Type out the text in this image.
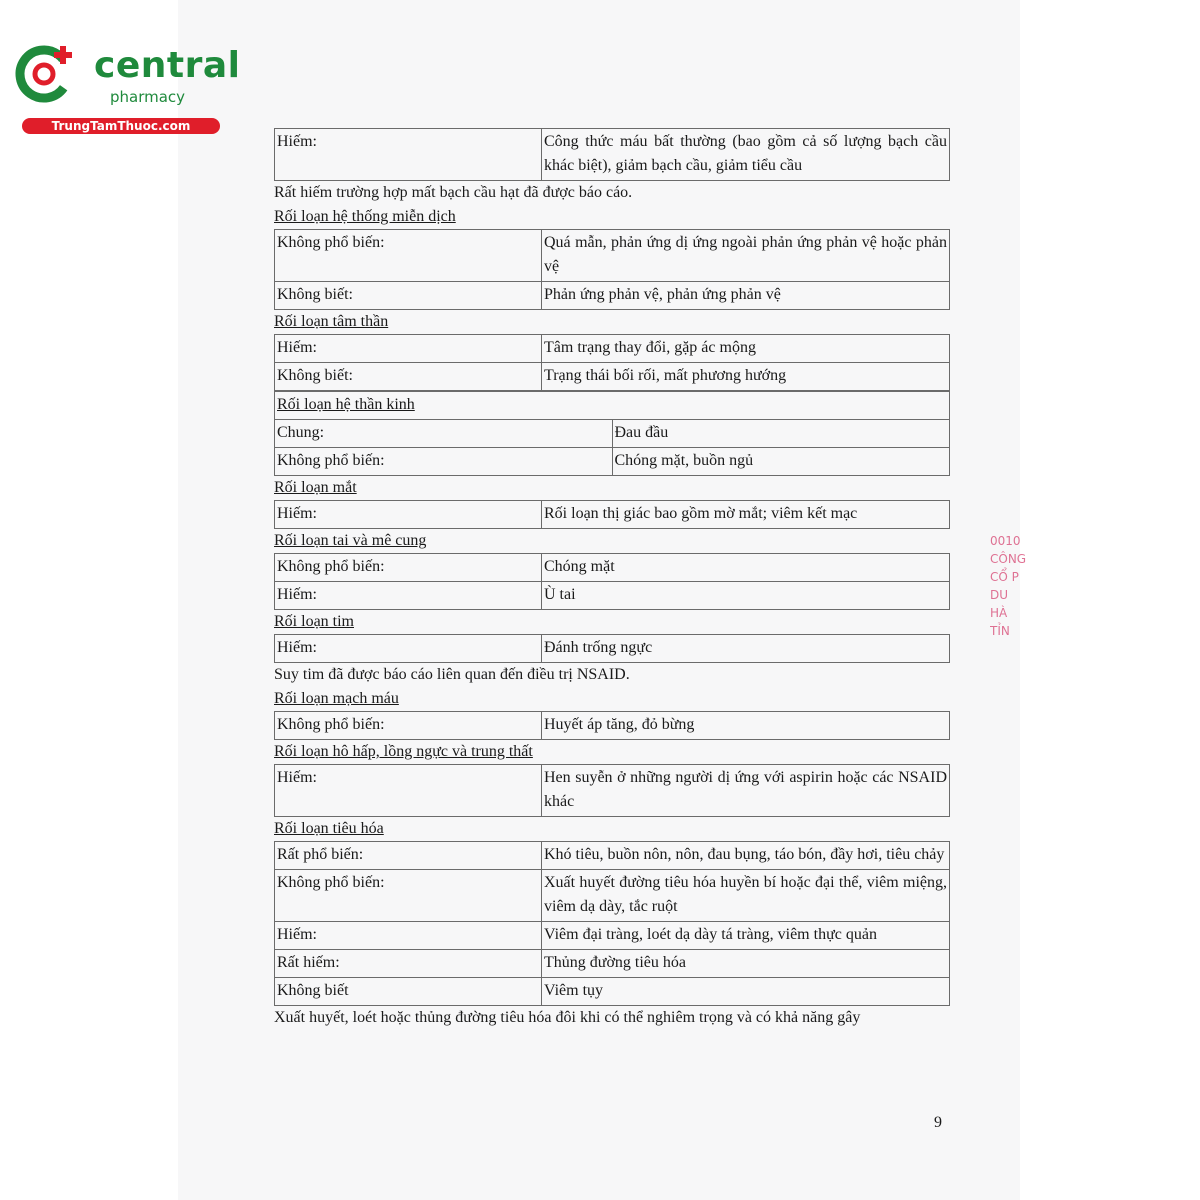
central
pharmacy
TrungTamThuoc.com
Hiếm:	Công thức máu bất thường (bao gồm cả số lượng bạch cầu khác biệt), giảm bạch cầu, giảm tiểu cầu
Rất hiếm trường hợp mất bạch cầu hạt đã được báo cáo.
Rối loạn hệ thống miễn dịch
Không phổ biến:	Quá mẫn, phản ứng dị ứng ngoài phản ứng phản vệ hoặc phản vệ
Không biết:	Phản ứng phản vệ, phản ứng phản vệ
Rối loạn tâm thần
Hiếm:	Tâm trạng thay đổi, gặp ác mộng
Không biết:	Trạng thái bối rối, mất phương hướng
Rối loạn hệ thần kinh	
Chung:	Đau đầu
Không phổ biến:	Chóng mặt, buồn ngủ
Rối loạn mắt
Hiếm:	Rối loạn thị giác bao gồm mờ mắt; viêm kết mạc
Rối loạn tai và mê cung
Không phổ biến:	Chóng mặt
Hiếm:	Ù tai
Rối loạn tim
Hiếm:	Đánh trống ngực
Suy tim đã được báo cáo liên quan đến điều trị NSAID.
Rối loạn mạch máu
Không phổ biến:	Huyết áp tăng, đỏ bừng
Rối loạn hô hấp, lồng ngực và trung thất
Hiếm:	Hen suyễn ở những người dị ứng với aspirin hoặc các NSAID khác
Rối loạn tiêu hóa
Rất phổ biến:	Khó tiêu, buồn nôn, nôn, đau bụng, táo bón, đầy hơi, tiêu chảy
Không phổ biến:	Xuất huyết đường tiêu hóa huyền bí hoặc đại thể, viêm miệng, viêm dạ dày, tắc ruột
Hiếm:	Viêm đại tràng, loét dạ dày tá tràng, viêm thực quản
Rất hiếm:	Thủng đường tiêu hóa
Không biết	Viêm tụy
Xuất huyết, loét hoặc thủng đường tiêu hóa đôi khi có thể nghiêm trọng và có khả năng gây
9
0010
CÔNG
CỔ P
DU
HÀ
TỈN
